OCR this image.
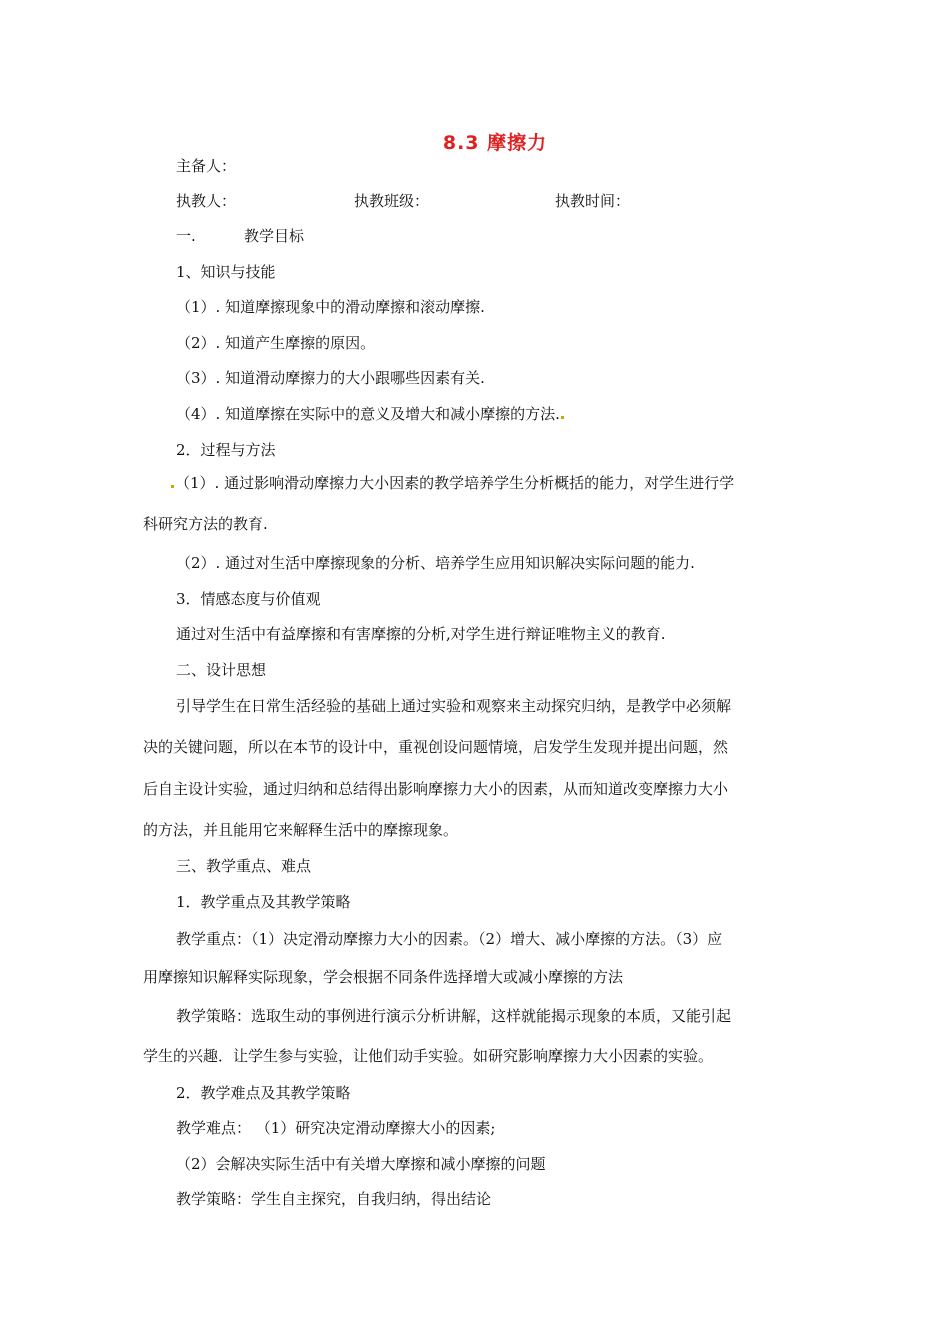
8.3 摩擦力
主备人：
执教人：	执教班级：	执教时间：
一.	教学目标
1、知识与技能
（1）. 知道摩擦现象中的滑动摩擦和滚动摩擦.
（2）. 知道产生摩擦的原因。
（3）. 知道滑动摩擦力的大小跟哪些因素有关.
（4）. 知道摩擦在实际中的意义及增大和减小摩擦的方法.
2．过程与方法
（1）. 通过影响滑动摩擦力大小因素的教学培养学生分析概括的能力，对学生进行学
科研究方法的教育.
（2）. 通过对生活中摩擦现象的分析、培养学生应用知识解决实际问题的能力.
3．情感态度与价值观
通过对生活中有益摩擦和有害摩擦的分析,对学生进行辩证唯物主义的教育.
二、设计思想
引导学生在日常生活经验的基础上通过实验和观察来主动探究归纳，是教学中必须解
决的关键问题，所以在本节的设计中，重视创设问题情境，启发学生发现并提出问题，然
后自主设计实验，通过归纳和总结得出影响摩擦力大小的因素，从而知道改变摩擦力大小
的方法，并且能用它来解释生活中的摩擦现象。
三、教学重点、难点
1．教学重点及其教学策略
教学重点：（1）决定滑动摩擦力大小的因素。（2）增大、减小摩擦的方法。（3）应
用摩擦知识解释实际现象，学会根据不同条件选择增大或减小摩擦的方法
教学策略：选取生动的事例进行演示分析讲解，这样就能揭示现象的本质，又能引起
学生的兴趣．让学生参与实验，让他们动手实验。如研究影响摩擦力大小因素的实验。
2．教学难点及其教学策略
教学难点： （1）研究决定滑动摩擦大小的因素;
（2）会解决实际生活中有关增大摩擦和减小摩擦的问题
教学策略：学生自主探究，自我归纳，得出结论
